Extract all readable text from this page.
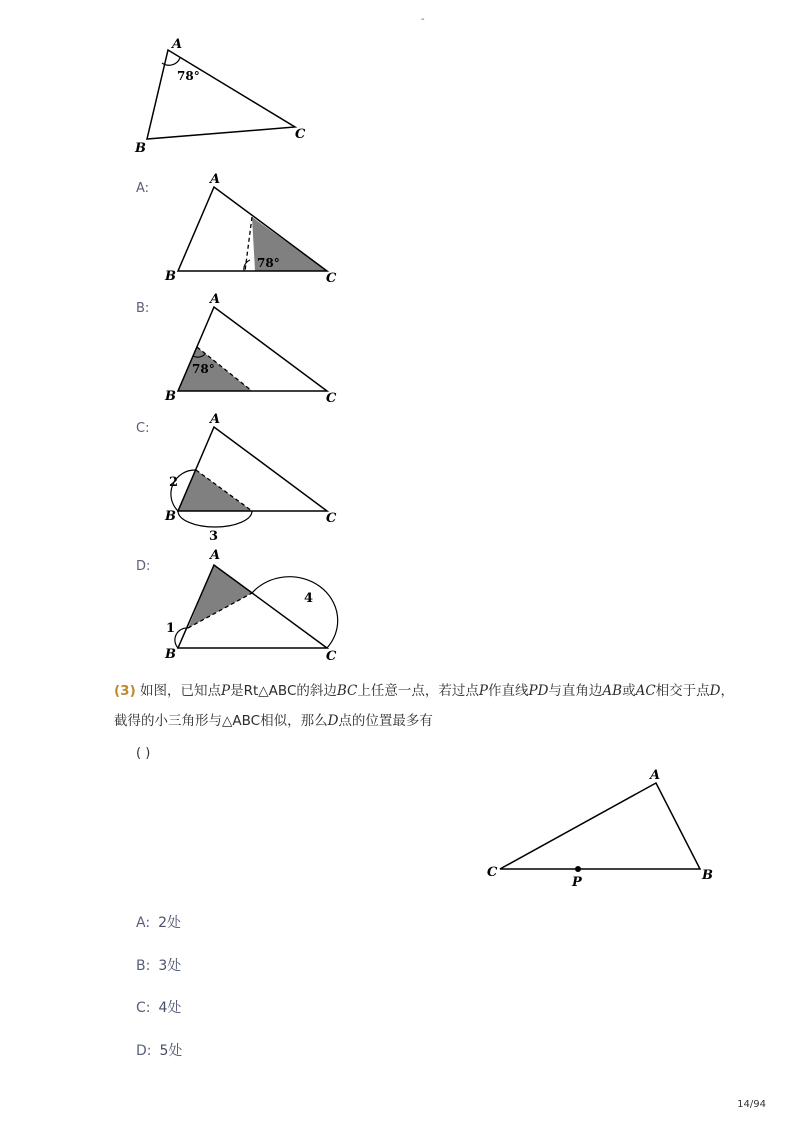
-
A
B
C
78°
A:
A
B	C
78°
B:
A
B	C
78°
C:
A
B	C
2
3
D:
A
B	C
1
4
(3) 如图，已知点P是Rt△ABC的斜边BC上任意一点，若过点P作直线PD与直角边AB或AC相交于点D，截得的小三角形与△ABC相似，那么D点的位置最多有
( )
A
C	B
P
A: 2处
B: 3处
C: 4处
D: 5处
14/94
